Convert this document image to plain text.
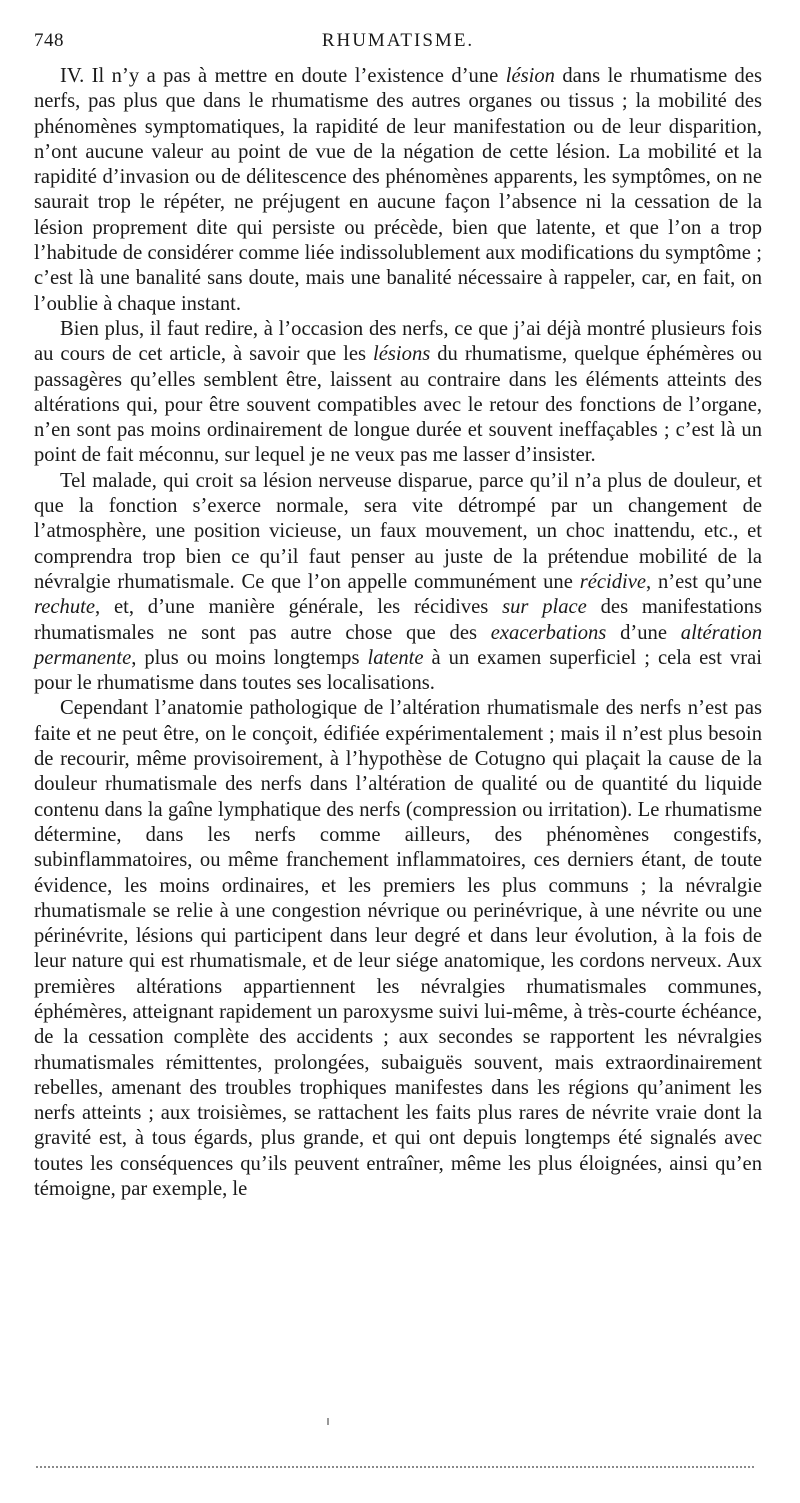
748	RHUMATISME.

IV. Il n’y a pas à mettre en doute l’existence d’une lésion dans le rhumatisme des nerfs, pas plus que dans le rhumatisme des autres organes ou tissus ; la mobilité des phénomènes symptomatiques, la rapidité de leur manifestation ou de leur disparition, n’ont aucune valeur au point de vue de la négation de cette lésion. La mobilité et la rapidité d’invasion ou de délitescence des phénomènes apparents, les symptômes, on ne saurait trop le répéter, ne préjugent en aucune façon l’absence ni la cessation de la lésion proprement dite qui persiste ou précède, bien que latente, et que l’on a trop l’habitude de considérer comme liée indissolublement aux modifications du symptôme ; c’est là une banalité sans doute, mais une banalité nécessaire à rappeler, car, en fait, on l’oublie à chaque instant.

Bien plus, il faut redire, à l’occasion des nerfs, ce que j’ai déjà montré plusieurs fois au cours de cet article, à savoir que les lésions du rhumatisme, quelque éphémères ou passagères qu’elles semblent être, laissent au contraire dans les éléments atteints des altérations qui, pour être souvent compatibles avec le retour des fonctions de l’organe, n’en sont pas moins ordinairement de longue durée et souvent ineffaçables ; c’est là un point de fait méconnu, sur lequel je ne veux pas me lasser d’insister.

Tel malade, qui croit sa lésion nerveuse disparue, parce qu’il n’a plus de douleur, et que la fonction s’exerce normale, sera vite détrompé par un changement de l’atmosphère, une position vicieuse, un faux mouvement, un choc inattendu, etc., et comprendra trop bien ce qu’il faut penser au juste de la prétendue mobilité de la névralgie rhumatismale. Ce que l’on appelle communément une récidive, n’est qu’une rechute, et, d’une manière générale, les récidives sur place des manifestations rhumatismales ne sont pas autre chose que des exacerbations d’une altération permanente, plus ou moins longtemps latente à un examen superficiel ; cela est vrai pour le rhumatisme dans toutes ses localisations.

Cependant l’anatomie pathologique de l’altération rhumatismale des nerfs n’est pas faite et ne peut être, on le conçoit, édifiée expérimentalement ; mais il n’est plus besoin de recourir, même provisoirement, à l’hypothèse de Cotugno qui plaçait la cause de la douleur rhumatismale des nerfs dans l’altération de qualité ou de quantité du liquide contenu dans la gaîne lymphatique des nerfs (compression ou irritation). Le rhumatisme détermine, dans les nerfs comme ailleurs, des phénomènes congestifs, subinflammatoires, ou même franchement inflammatoires, ces derniers étant, de toute évidence, les moins ordinaires, et les premiers les plus communs ; la névralgie rhumatismale se relie à une congestion névrique ou perinévrique, à une névrite ou une périnévrite, lésions qui participent dans leur degré et dans leur évolution, à la fois de leur nature qui est rhumatismale, et de leur siége anatomique, les cordons nerveux. Aux premières altérations appartiennent les névralgies rhumatismales communes, éphémères, atteignant rapidement un paroxysme suivi lui-même, à très-courte échéance, de la cessation complète des accidents ; aux secondes se rapportent les névralgies rhumatismales rémittentes, prolongées, subaiguës souvent, mais extraordinairement rebelles, amenant des troubles trophiques manifestes dans les régions qu’animent les nerfs atteints ; aux troisièmes, se rattachent les faits plus rares de névrite vraie dont la gravité est, à tous égards, plus grande, et qui ont depuis longtemps été signalés avec toutes les conséquences qu’ils peuvent entraîner, même les plus éloignées, ainsi qu’en témoigne, par exemple, le
